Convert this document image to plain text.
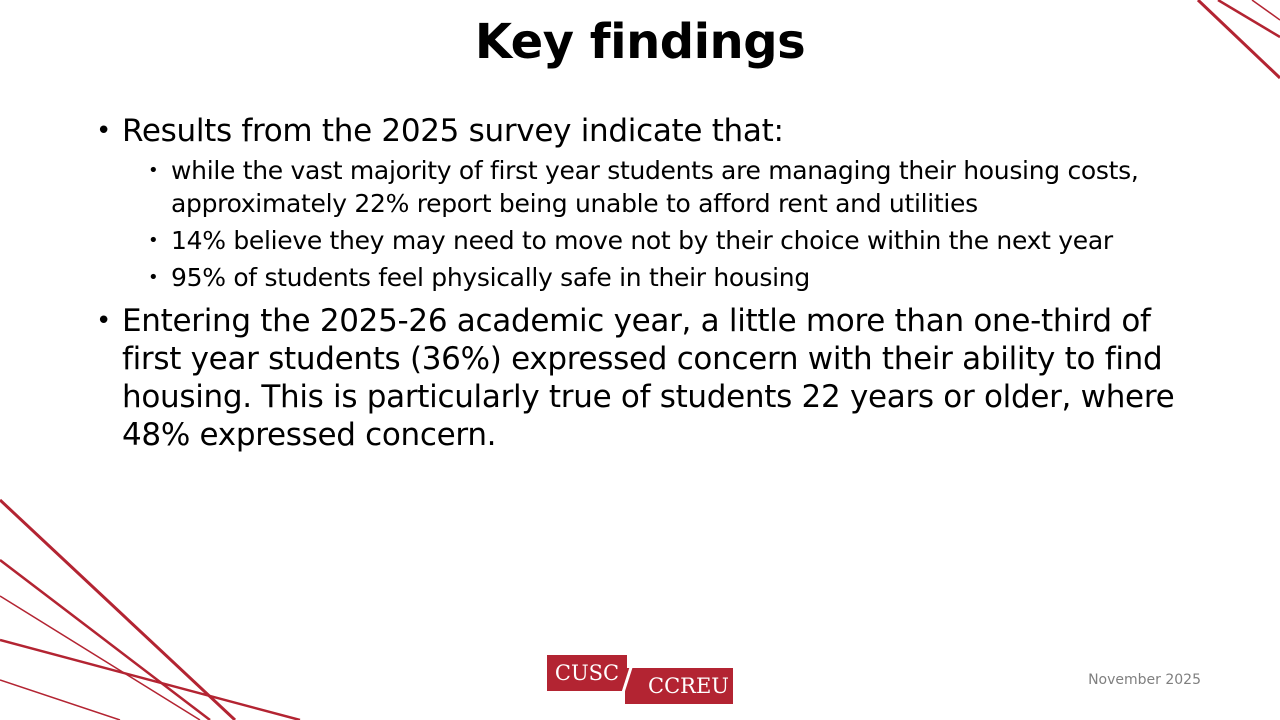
Key findings
• Results from the 2025 survey indicate that:
• while the vast majority of first year students are managing their housing costs, approximately 22% report being unable to afford rent and utilities
• 14% believe they may need to move not by their choice within the next year
• 95% of students feel physically safe in their housing
• Entering the 2025-26 academic year, a little more than one-third of first year students (36%) expressed concern with their ability to find housing. This is particularly true of students 22 years or older, where 48% expressed concern.
CUSC
CCREU	November 2025
